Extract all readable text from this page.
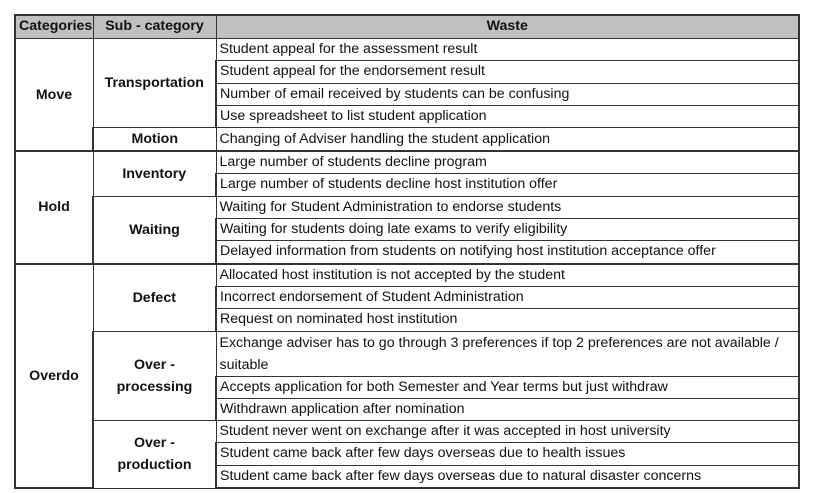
Categories	Sub - category	Waste
Move	Transportation	Student appeal for the assessment result
		Student appeal for the endorsement result
		Number of email received by students can be confusing
		Use spreadsheet to list student application
	Motion	Changing of Adviser handling the student application
Hold	Inventory	Large number of students decline program
		Large number of students decline host institution offer
	Waiting	Waiting for Student Administration to endorse students
		Waiting for students doing late exams to verify eligibility
		Delayed information from students on notifying host institution acceptance offer
Overdo	Defect	Allocated host institution is not accepted by the student
		Incorrect endorsement of Student Administration
		Request on nominated host institution
	Over - processing	Exchange adviser has to go through 3 preferences if top 2 preferences are not available / suitable
		Accepts application for both Semester and Year terms but just withdraw
		Withdrawn application after nomination
	Over - production	Student never went on exchange after it was accepted in host university
		Student came back after few days overseas due to health issues
		Student came back after few days overseas due to natural disaster concerns
